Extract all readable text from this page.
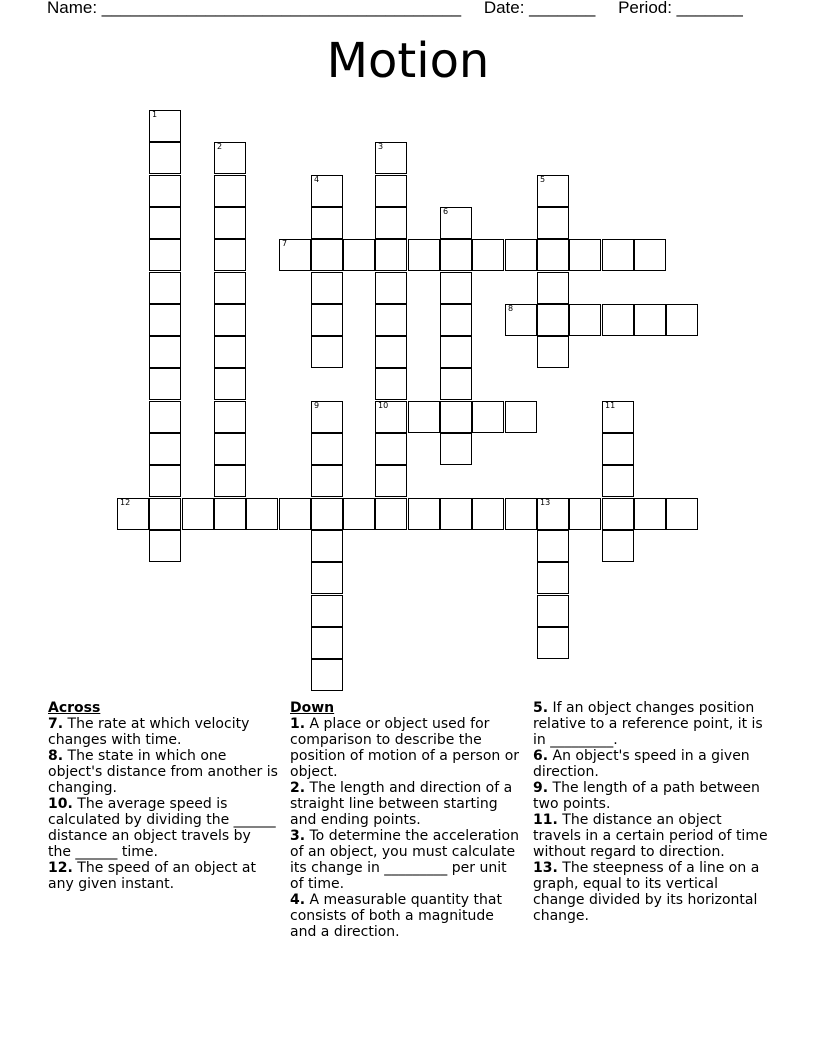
Name: ______________________________________ Date: _______ Period: _______
Motion
1
2	3
10
4	5
6
7
8
9	11
12	13
Across
7. The rate at which velocity changes with time.
8. The state in which one object's distance from another is changing.
10. The average speed is calculated by dividing the ______ distance an object travels by the ______ time.
12. The speed of an object at any given instant.
Down
1. A place or object used for comparison to describe the position of motion of a person or object.
2. The length and direction of a straight line between starting and ending points.
3. To determine the acceleration of an object, you must calculate its change in _________ per unit of time.
4. A measurable quantity that consists of both a magnitude and a direction.
5. If an object changes position relative to a reference point, it is in _________.
6. An object's speed in a given direction.
9. The length of a path between two points.
11. The distance an object travels in a certain period of time without regard to direction.
13. The steepness of a line on a graph, equal to its vertical change divided by its horizontal change.
